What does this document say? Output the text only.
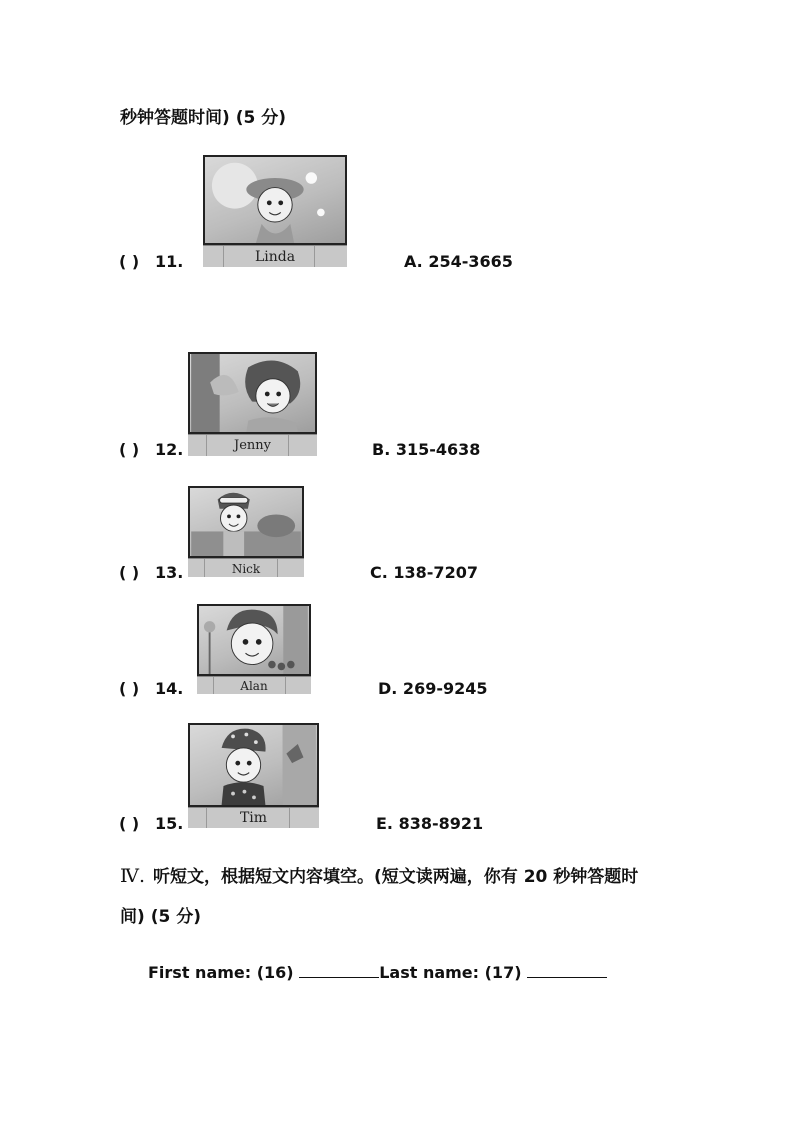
秒钟答题时间) (5 分)
Linda
( ) 11.	A. 254-3665
Jenny
( ) 12.	B. 315-4638
Nick
( ) 13.	C. 138-7207
Alan
( ) 14.	D. 269-9245
Tim
( ) 15.	E. 838-8921
Ⅳ. 听短文，根据短文内容填空。(短文读两遍，你有 20 秒钟答题时
间) (5 分)
First name: (16)	Last name: (17)
